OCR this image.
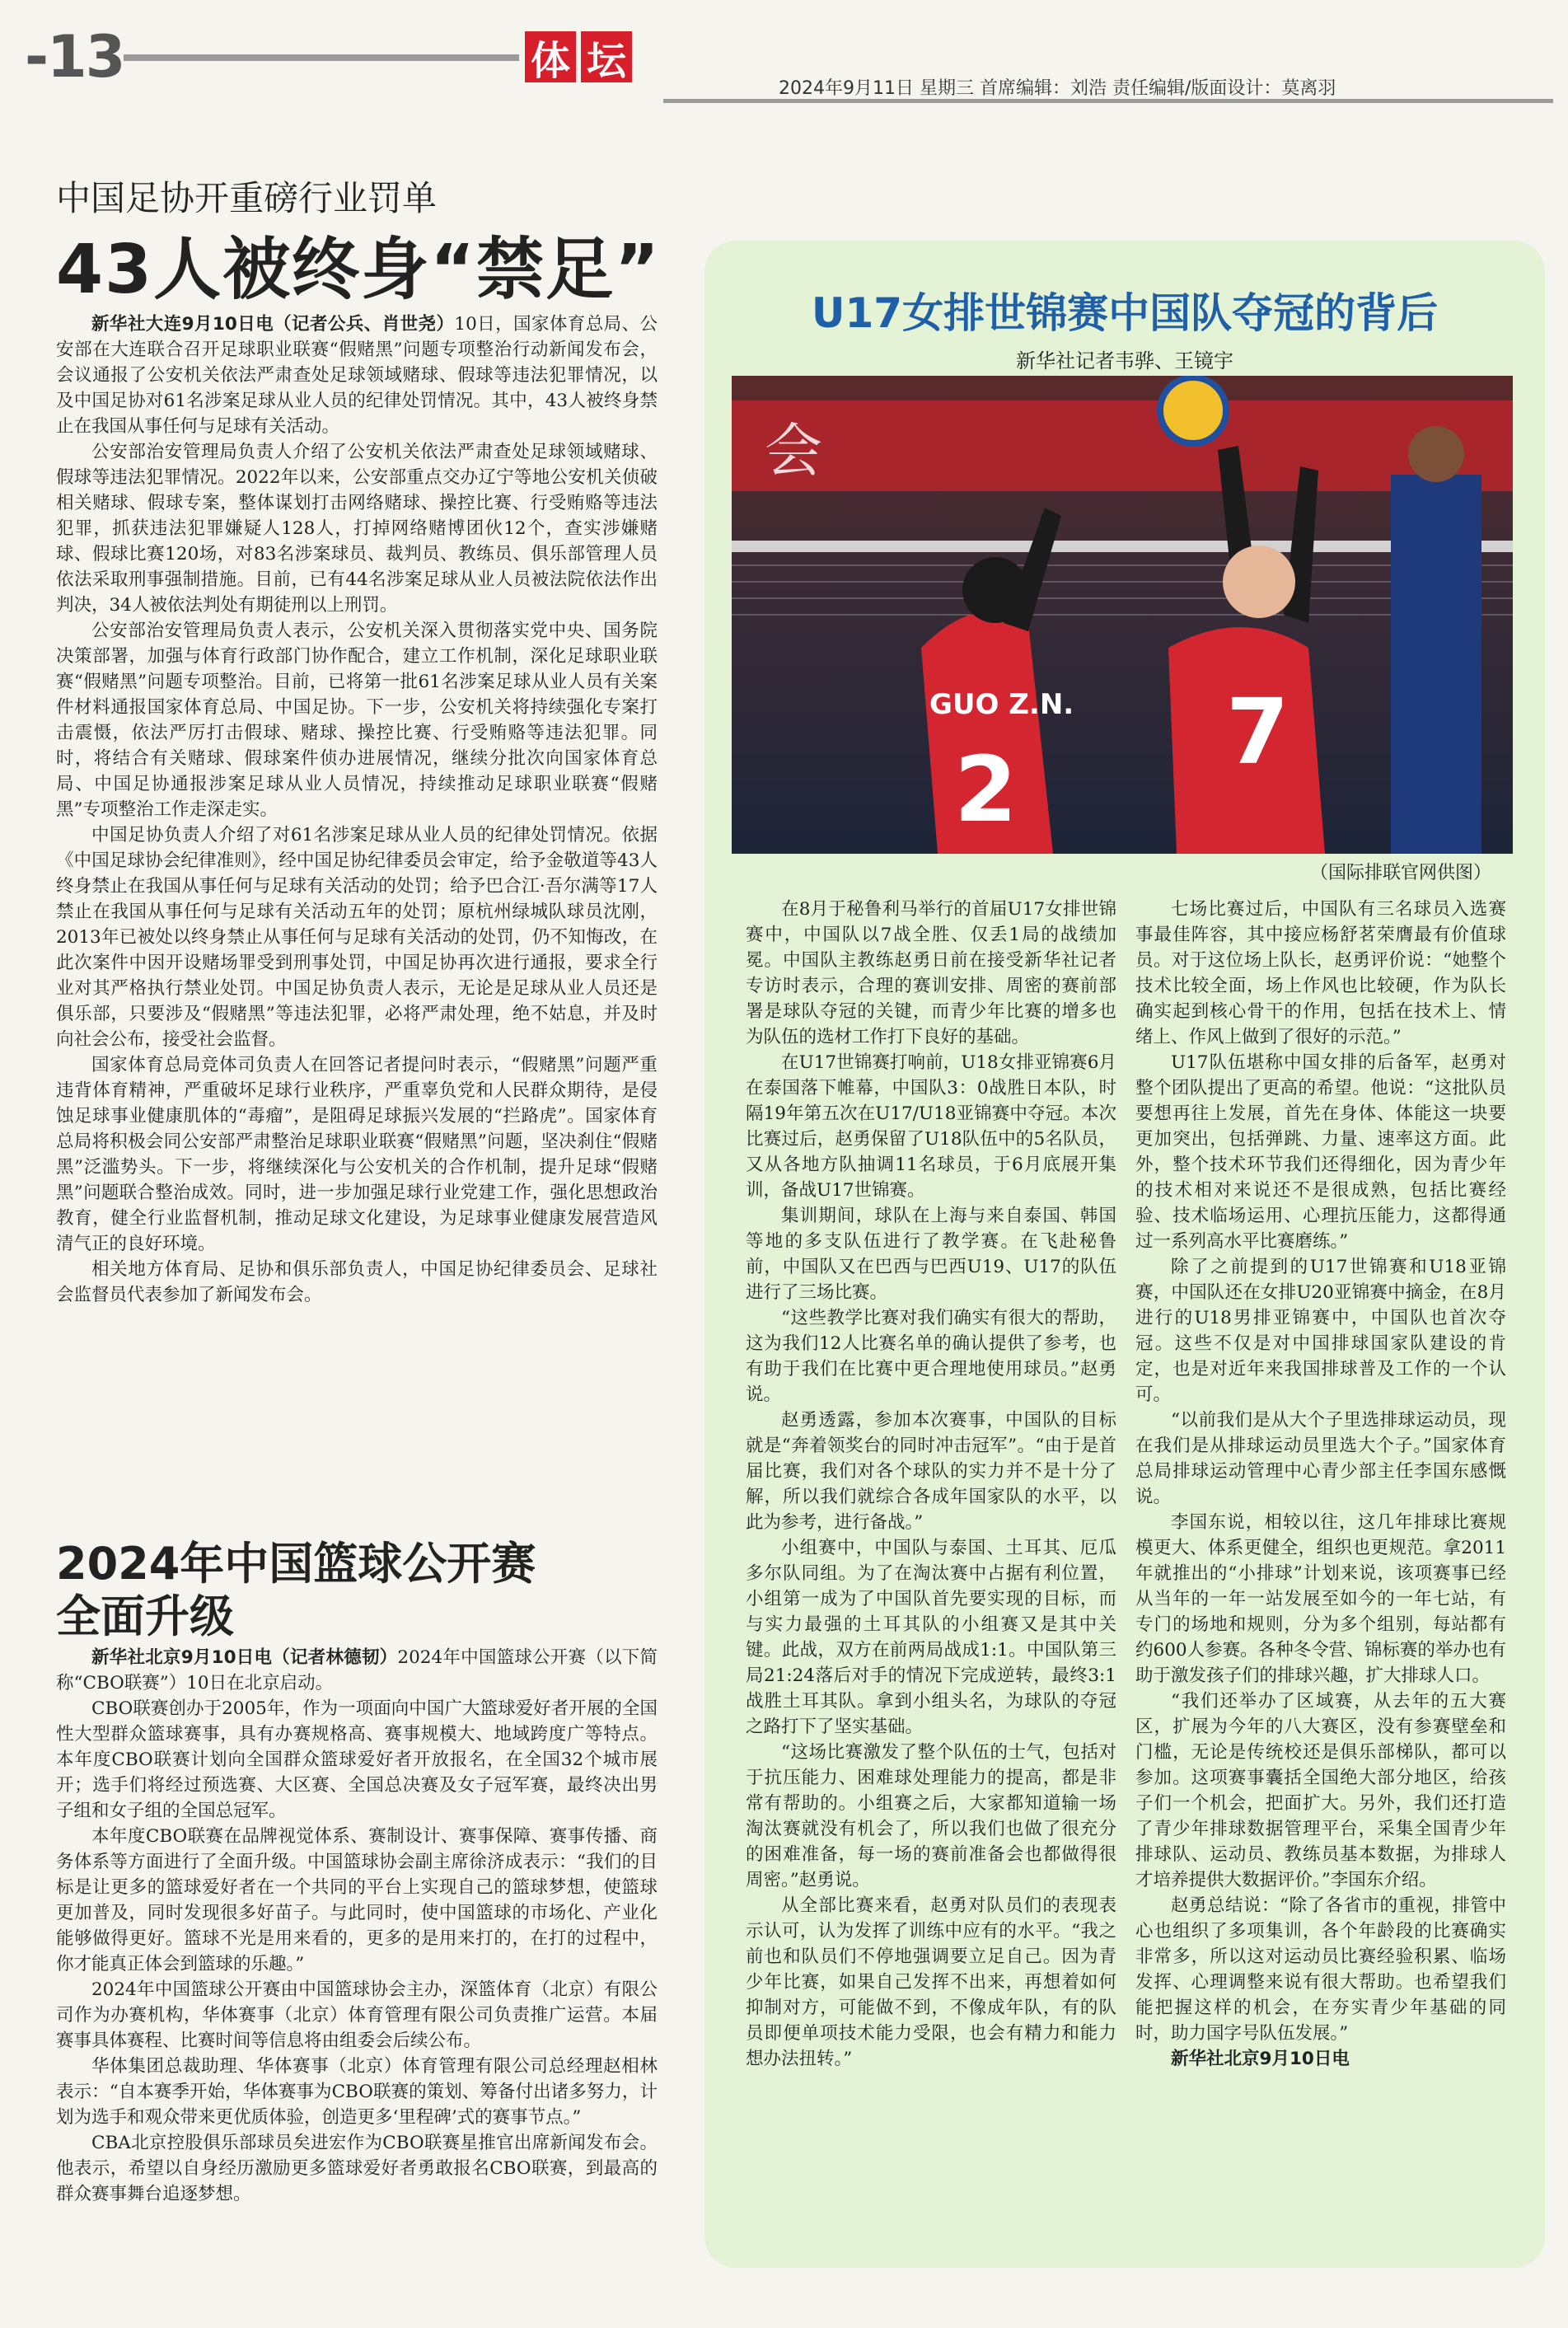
-13	体 坛
2024年9月11日 星期三 首席编辑：刘浩 责任编辑/版面设计：莫离羽
中国足协开重磅行业罚单
43人被终身“禁足”

新华社大连9月10日电（记者公兵、肖世尧）10日，国家体育总局、公安部在大连联合召开足球职业联赛“假赌黑”问题专项整治行动新闻发布会，会议通报了公安机关依法严肃查处足球领域赌球、假球等违法犯罪情况，以及中国足协对61名涉案足球从业人员的纪律处罚情况。其中，43人被终身禁止在我国从事任何与足球有关活动。

公安部治安管理局负责人介绍了公安机关依法严肃查处足球领域赌球、假球等违法犯罪情况。2022年以来，公安部重点交办辽宁等地公安机关侦破相关赌球、假球专案，整体谋划打击网络赌球、操控比赛、行受贿赂等违法犯罪，抓获违法犯罪嫌疑人128人，打掉网络赌博团伙12个，查实涉嫌赌球、假球比赛120场，对83名涉案球员、裁判员、教练员、俱乐部管理人员依法采取刑事强制措施。目前，已有44名涉案足球从业人员被法院依法作出判决，34人被依法判处有期徒刑以上刑罚。

公安部治安管理局负责人表示，公安机关深入贯彻落实党中央、国务院决策部署，加强与体育行政部门协作配合，建立工作机制，深化足球职业联赛“假赌黑”问题专项整治。目前，已将第一批61名涉案足球从业人员有关案件材料通报国家体育总局、中国足协。下一步，公安机关将持续强化专案打击震慑，依法严厉打击假球、赌球、操控比赛、行受贿赂等违法犯罪。同时，将结合有关赌球、假球案件侦办进展情况，继续分批次向国家体育总局、中国足协通报涉案足球从业人员情况，持续推动足球职业联赛“假赌黑”专项整治工作走深走实。

中国足协负责人介绍了对61名涉案足球从业人员的纪律处罚情况。依据《中国足球协会纪律准则》，经中国足协纪律委员会审定，给予金敬道等43人终身禁止在我国从事任何与足球有关活动的处罚；给予巴合江·吾尔满等17人禁止在我国从事任何与足球有关活动五年的处罚；原杭州绿城队球员沈刚，2013年已被处以终身禁止从事任何与足球有关活动的处罚，仍不知悔改，在此次案件中因开设赌场罪受到刑事处罚，中国足协再次进行通报，要求全行业对其严格执行禁业处罚。中国足协负责人表示，无论是足球从业人员还是俱乐部，只要涉及“假赌黑”等违法犯罪，必将严肃处理，绝不姑息，并及时向社会公布，接受社会监督。

国家体育总局竞体司负责人在回答记者提问时表示，“假赌黑”问题严重违背体育精神，严重破坏足球行业秩序，严重辜负党和人民群众期待，是侵蚀足球事业健康肌体的“毒瘤”，是阻碍足球振兴发展的“拦路虎”。国家体育总局将积极会同公安部严肃整治足球职业联赛“假赌黑”问题，坚决刹住“假赌黑”泛滥势头。下一步，将继续深化与公安机关的合作机制，提升足球“假赌黑”问题联合整治成效。同时，进一步加强足球行业党建工作，强化思想政治教育，健全行业监督机制，推动足球文化建设，为足球事业健康发展营造风清气正的良好环境。

相关地方体育局、足协和俱乐部负责人，中国足协纪律委员会、足球社会监督员代表参加了新闻发布会。

2024年中国篮球公开赛
全面升级

新华社北京9月10日电（记者林德韧）2024年中国篮球公开赛（以下简称“CBO联赛”）10日在北京启动。

CBO联赛创办于2005年，作为一项面向中国广大篮球爱好者开展的全国性大型群众篮球赛事，具有办赛规格高、赛事规模大、地域跨度广等特点。本年度CBO联赛计划向全国群众篮球爱好者开放报名，在全国32个城市展开；选手们将经过预选赛、大区赛、全国总决赛及女子冠军赛，最终决出男子组和女子组的全国总冠军。

本年度CBO联赛在品牌视觉体系、赛制设计、赛事保障、赛事传播、商务体系等方面进行了全面升级。中国篮球协会副主席徐济成表示：“我们的目标是让更多的篮球爱好者在一个共同的平台上实现自己的篮球梦想，使篮球更加普及，同时发现很多好苗子。与此同时，使中国篮球的市场化、产业化能够做得更好。篮球不光是用来看的，更多的是用来打的，在打的过程中，你才能真正体会到篮球的乐趣。”

2024年中国篮球公开赛由中国篮球协会主办，深篮体育（北京）有限公司作为办赛机构，华体赛事（北京）体育管理有限公司负责推广运营。本届赛事具体赛程、比赛时间等信息将由组委会后续公布。

华体集团总裁助理、华体赛事（北京）体育管理有限公司总经理赵相林表示：“自本赛季开始，华体赛事为CBO联赛的策划、筹备付出诸多努力，计划为选手和观众带来更优质体验，创造更多‘里程碑’式的赛事节点。”

CBA北京控股俱乐部球员矣进宏作为CBO联赛星推官出席新闻发布会。他表示，希望以自身经历激励更多篮球爱好者勇敢报名CBO联赛，到最高的群众赛事舞台追逐梦想。

U17女排世锦赛中国队夺冠的背后
新华社记者韦骅、王镜宇
会
GUO Z.N.
2
7
（国际排联官网供图）

在8月于秘鲁利马举行的首届U17女排世锦赛中，中国队以7战全胜、仅丢1局的战绩加冕。中国队主教练赵勇日前在接受新华社记者专访时表示，合理的赛训安排、周密的赛前部署是球队夺冠的关键，而青少年比赛的增多也为队伍的选材工作打下良好的基础。

在U17世锦赛打响前，U18女排亚锦赛6月在泰国落下帷幕，中国队3：0战胜日本队，时隔19年第五次在U17/U18亚锦赛中夺冠。本次比赛过后，赵勇保留了U18队伍中的5名队员，又从各地方队抽调11名球员，于6月底展开集训，备战U17世锦赛。

集训期间，球队在上海与来自泰国、韩国等地的多支队伍进行了教学赛。在飞赴秘鲁前，中国队又在巴西与巴西U19、U17的队伍进行了三场比赛。

“这些教学比赛对我们确实有很大的帮助，这为我们12人比赛名单的确认提供了参考，也有助于我们在比赛中更合理地使用球员。”赵勇说。

赵勇透露，参加本次赛事，中国队的目标就是“奔着领奖台的同时冲击冠军”。“由于是首届比赛，我们对各个球队的实力并不是十分了解，所以我们就综合各成年国家队的水平，以此为参考，进行备战。”

小组赛中，中国队与泰国、土耳其、厄瓜多尔队同组。为了在淘汰赛中占据有利位置，小组第一成为了中国队首先要实现的目标，而与实力最强的土耳其队的小组赛又是其中关键。此战，双方在前两局战成1:1。中国队第三局21:24落后对手的情况下完成逆转，最终3:1战胜土耳其队。拿到小组头名，为球队的夺冠之路打下了坚实基础。

“这场比赛激发了整个队伍的士气，包括对于抗压能力、困难球处理能力的提高，都是非常有帮助的。小组赛之后，大家都知道输一场淘汰赛就没有机会了，所以我们也做了很充分的困难准备，每一场的赛前准备会也都做得很周密。”赵勇说。

从全部比赛来看，赵勇对队员们的表现表示认可，认为发挥了训练中应有的水平。“我之前也和队员们不停地强调要立足自己。因为青少年比赛，如果自己发挥不出来，再想着如何抑制对方，可能做不到，不像成年队，有的队员即便单项技术能力受限，也会有精力和能力想办法扭转。”

七场比赛过后，中国队有三名球员入选赛事最佳阵容，其中接应杨舒茗荣膺最有价值球员。对于这位场上队长，赵勇评价说：“她整个技术比较全面，场上作风也比较硬，作为队长确实起到核心骨干的作用，包括在技术上、情绪上、作风上做到了很好的示范。”

U17队伍堪称中国女排的后备军，赵勇对整个团队提出了更高的希望。他说：“这批队员要想再往上发展，首先在身体、体能这一块要更加突出，包括弹跳、力量、速率这方面。此外，整个技术环节我们还得细化，因为青少年的技术相对来说还不是很成熟，包括比赛经验、技术临场运用、心理抗压能力，这都得通过一系列高水平比赛磨练。”

除了之前提到的U17世锦赛和U18亚锦赛，中国队还在女排U20亚锦赛中摘金，在8月进行的U18男排亚锦赛中，中国队也首次夺冠。这些不仅是对中国排球国家队建设的肯定，也是对近年来我国排球普及工作的一个认可。

“以前我们是从大个子里选排球运动员，现在我们是从排球运动员里选大个子。”国家体育总局排球运动管理中心青少部主任李国东感慨说。

李国东说，相较以往，这几年排球比赛规模更大、体系更健全，组织也更规范。拿2011年就推出的“小排球”计划来说，该项赛事已经从当年的一年一站发展至如今的一年七站，有专门的场地和规则，分为多个组别，每站都有约600人参赛。各种冬令营、锦标赛的举办也有助于激发孩子们的排球兴趣，扩大排球人口。

“我们还举办了区域赛，从去年的五大赛区，扩展为今年的八大赛区，没有参赛壁垒和门槛，无论是传统校还是俱乐部梯队，都可以参加。这项赛事囊括全国绝大部分地区，给孩子们一个机会，把面扩大。另外，我们还打造了青少年排球数据管理平台，采集全国青少年排球队、运动员、教练员基本数据，为排球人才培养提供大数据评价。”李国东介绍。

赵勇总结说：“除了各省市的重视，排管中心也组织了多项集训，各个年龄段的比赛确实非常多，所以这对运动员比赛经验积累、临场发挥、心理调整来说有很大帮助。也希望我们能把握这样的机会，在夯实青少年基础的同时，助力国字号队伍发展。”

新华社北京9月10日电
